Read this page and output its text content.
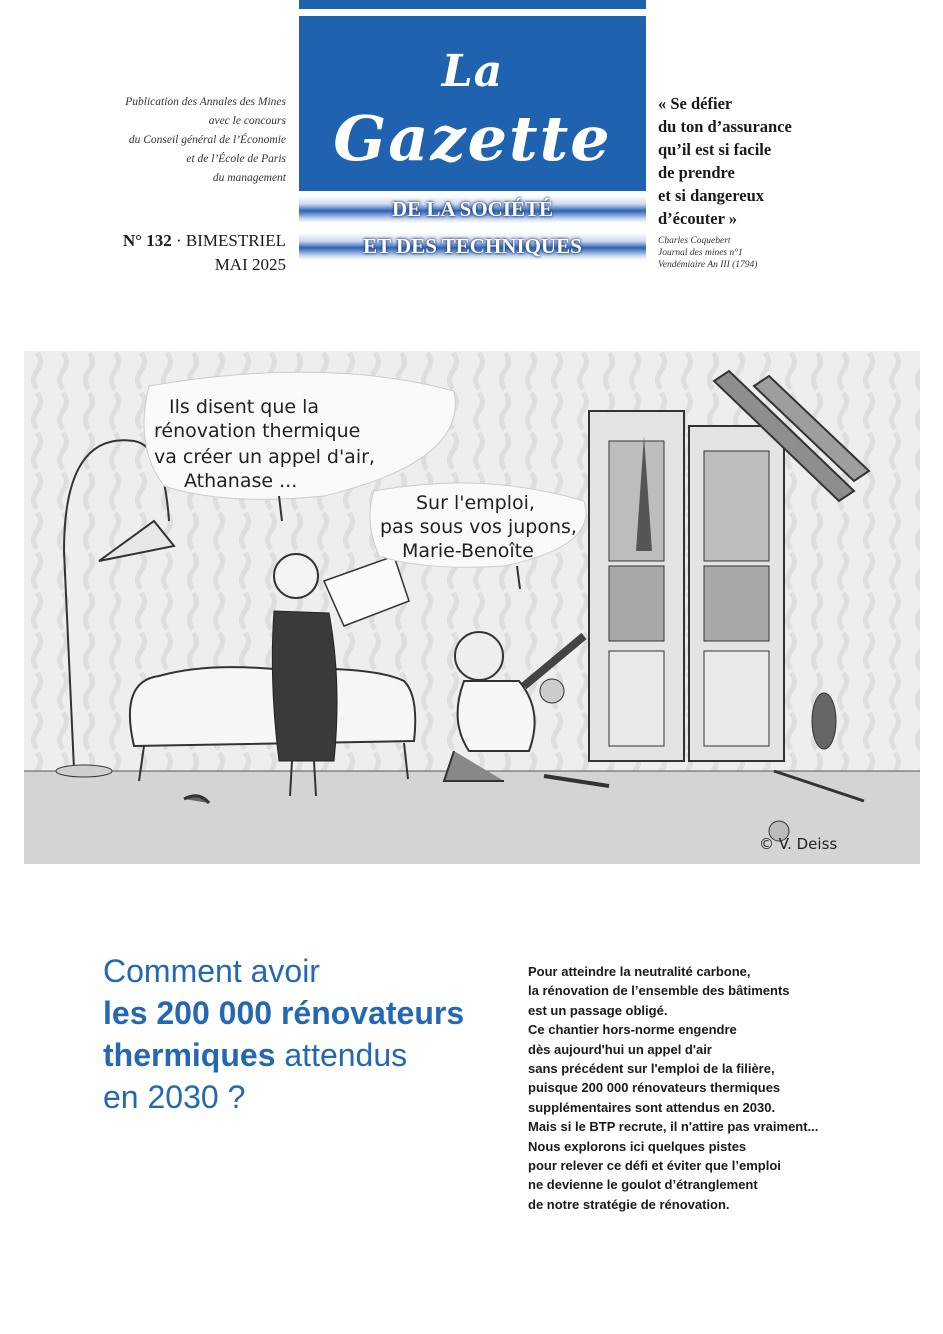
La
Gazette
DE LA SOCIÉTÉ
ET DES TECHNIQUES
Publication des Annales des Mines
avec le concours
du Conseil général de l’Économie
et de l’École de Paris
du management
N° 132 · BIMESTRIEL
MAI 2025
« Se défier
du ton d’assurance
qu’il est si facile
de prendre
et si dangereux
d’écouter »
Charles Coquebert
Journal des mines n°1
Vendémiaire An III (1794)
Ils disent que la
rénovation thermique
va créer un appel d'air,
Athanase ...
Sur l'emploi,
pas sous vos jupons,
Marie-Benoîte
© V. Deiss
Comment avoir
les 200 000 rénovateurs
thermiques attendus
en 2030 ?
Pour atteindre la neutralité carbone,
la rénovation de l’ensemble des bâtiments
est un passage obligé.
Ce chantier hors-norme engendre
dès aujourd'hui un appel d'air
sans précédent sur l'emploi de la filière,
puisque 200 000 rénovateurs thermiques
supplémentaires sont attendus en 2030.
Mais si le BTP recrute, il n'attire pas vraiment...
Nous explorons ici quelques pistes
pour relever ce défi et éviter que l’emploi
ne devienne le goulot d’étranglement
de notre stratégie de rénovation.
